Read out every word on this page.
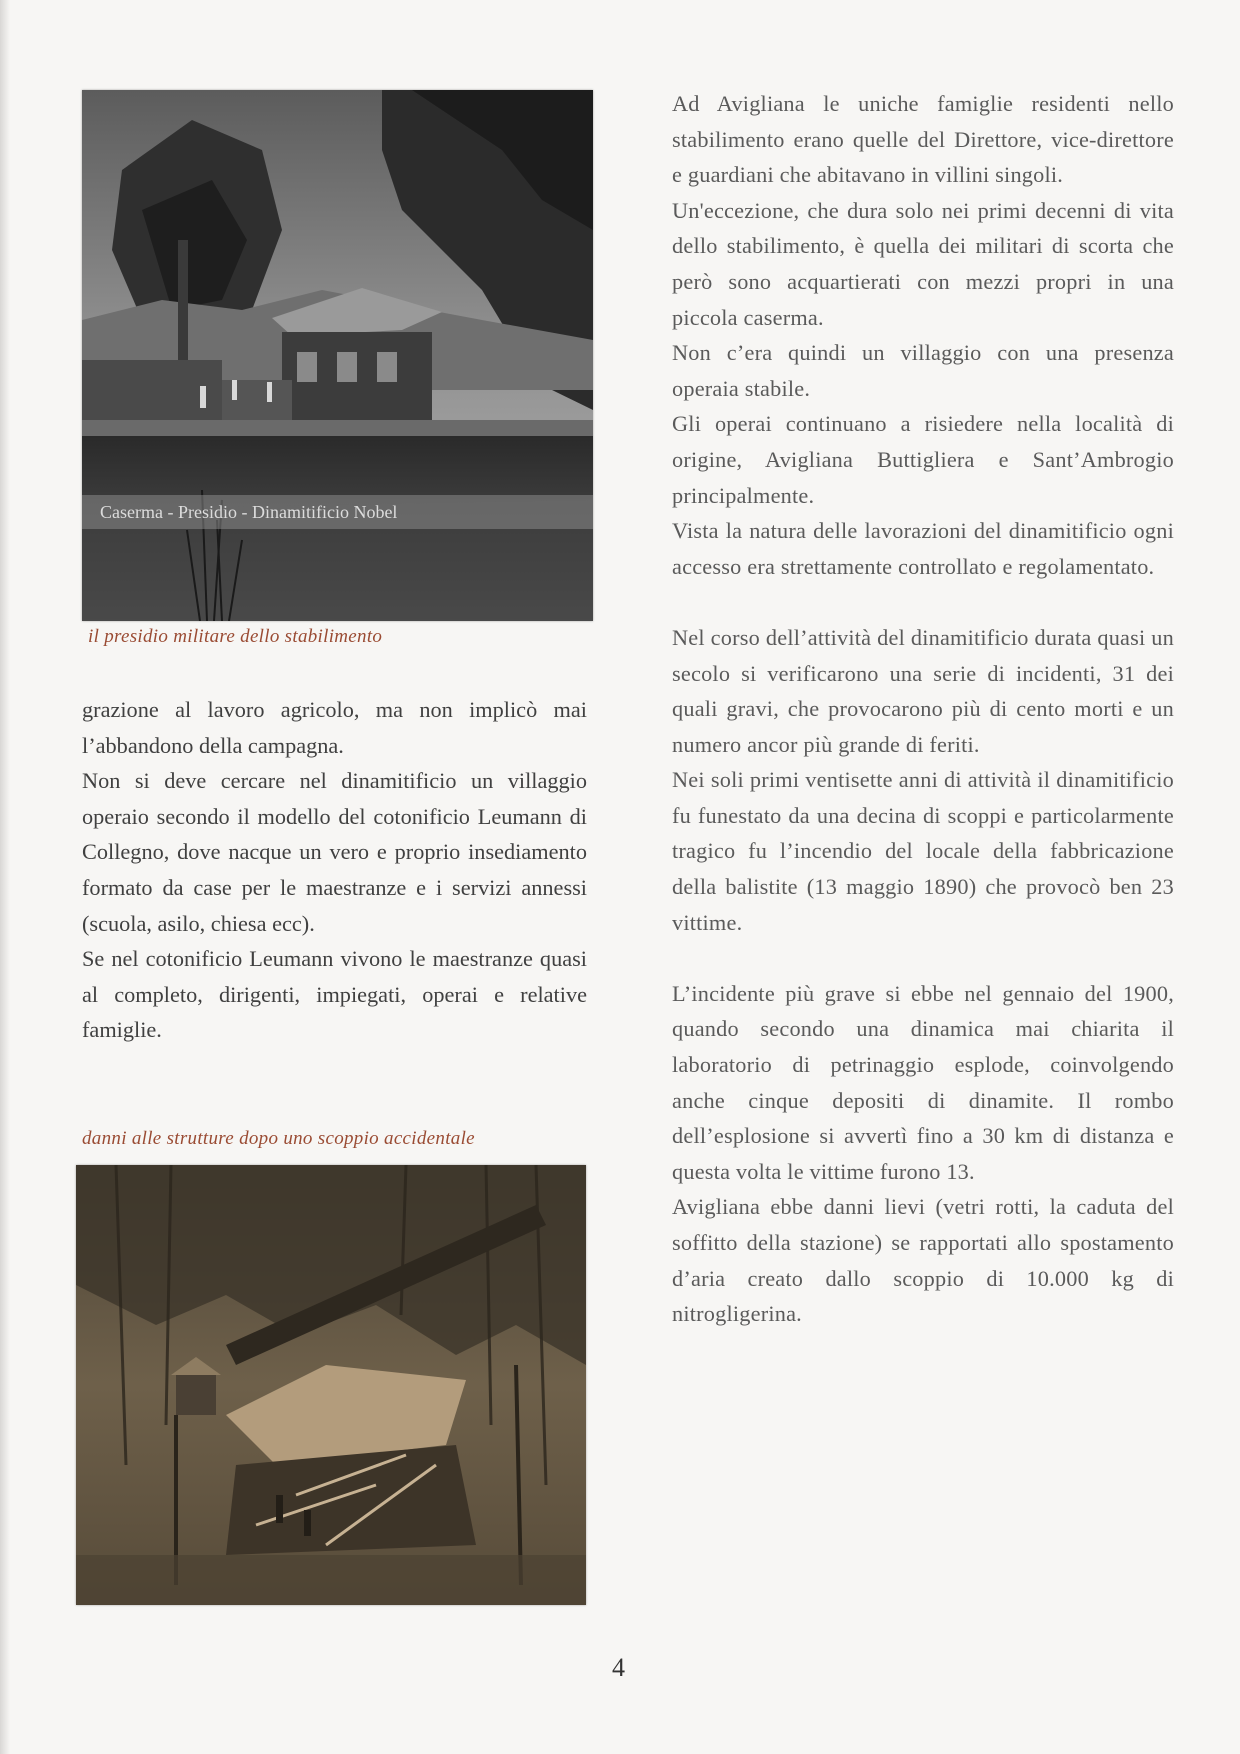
Caserma - Presidio - Dinamitificio Nobel
il presidio militare dello stabilimento

grazione al lavoro agricolo, ma non implicò mai l’abbandono della campagna.

Non si deve cercare nel dinamitificio un villaggio operaio secondo il modello del cotonificio Leumann di Collegno, dove nacque un vero e proprio insediamento formato da case per le maestranze e i servizi annessi (scuola, asilo, chiesa ecc).

Se nel cotonificio Leumann vivono le maestranze quasi al completo, dirigenti, impiegati, operai e relative famiglie.

danni alle strutture dopo uno scoppio accidentale

Ad Avigliana le uniche famiglie residenti nello stabilimento erano quelle del Direttore, vice-direttore e guardiani che abitavano in villini singoli.

Un'eccezione, che dura solo nei primi decenni di vita dello stabilimento, è quella dei militari di scorta che però sono acquartierati con mezzi propri in una piccola caserma.

Non c’era quindi un villaggio con una presenza operaia stabile.

Gli operai continuano a risiedere nella località di origine, Avigliana Buttigliera e Sant’Ambrogio principalmente.

Vista la natura delle lavorazioni del dinamitificio ogni accesso era strettamente controllato e regolamentato.

Nel corso dell’attività del dinamitificio durata quasi un secolo si verificarono una serie di incidenti, 31 dei quali gravi, che provocarono più di cento morti e un numero ancor più grande di feriti.

Nei soli primi ventisette anni di attività il dinamitificio fu funestato da una decina di scoppi e particolarmente tragico fu l’incendio del locale della fabbricazione della balistite (13 maggio 1890) che provocò ben 23 vittime.

L’incidente più grave si ebbe nel gennaio del 1900, quando secondo una dinamica mai chiarita il laboratorio di petrinaggio esplode, coinvolgendo anche cinque depositi di dinamite. Il rombo dell’esplosione si avvertì fino a 30 km di distanza e questa volta le vittime furono 13.

Avigliana ebbe danni lievi (vetri rotti, la caduta del soffitto della stazione) se rapportati allo spostamento d’aria creato dallo scoppio di 10.000 kg di nitrogligerina.

4
